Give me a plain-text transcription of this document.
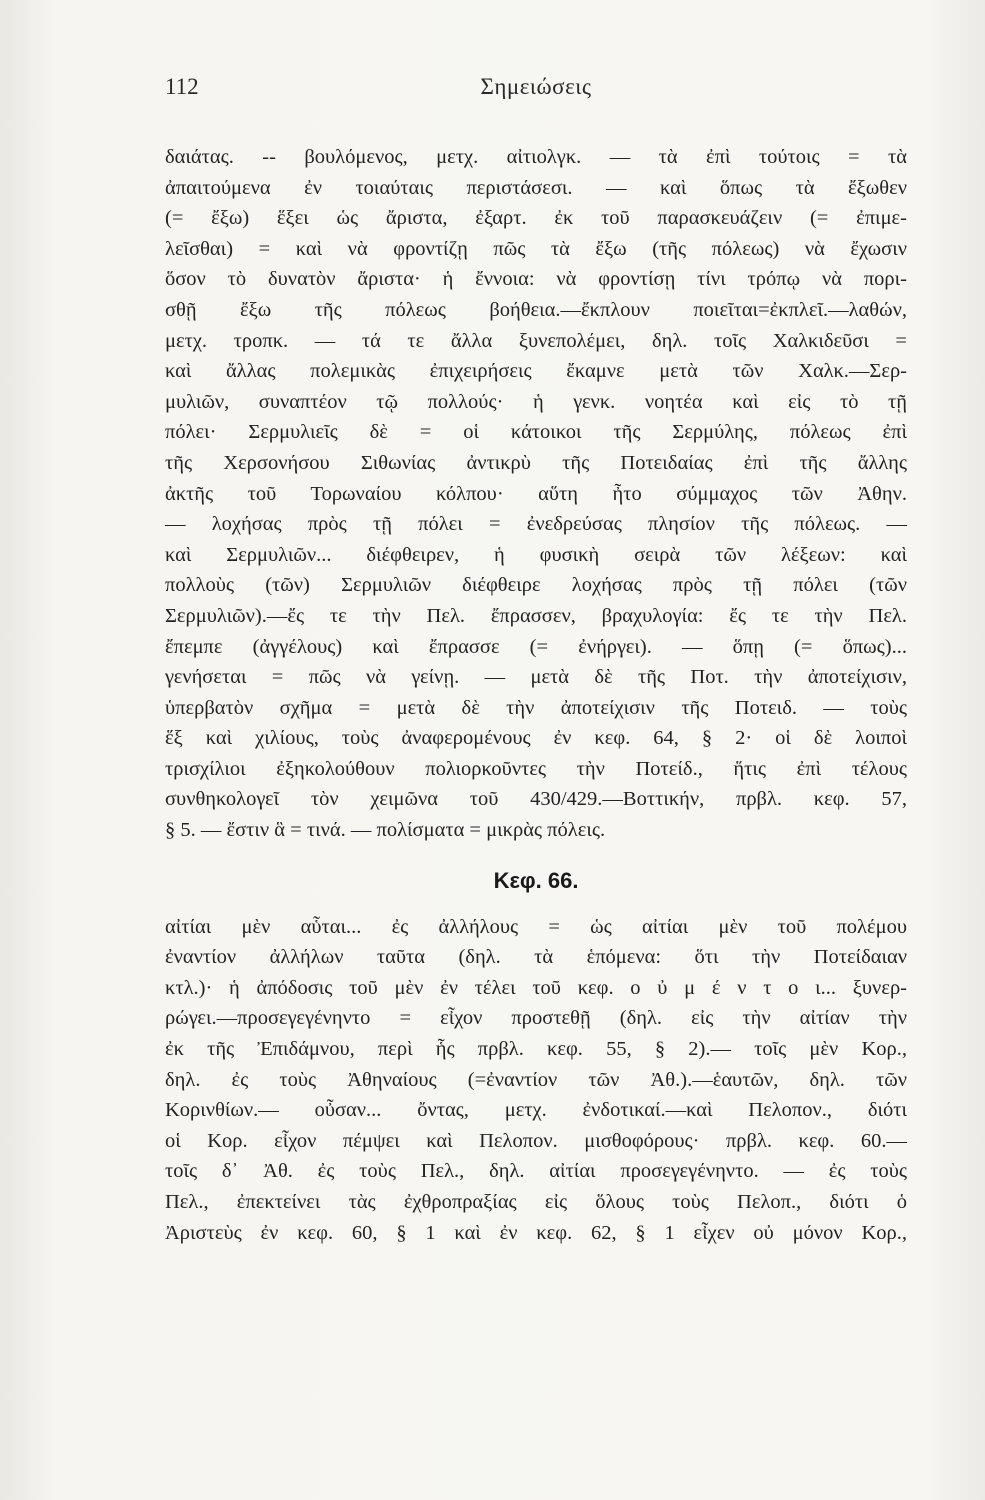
112	Σημειώσεις
δαιάτας. -- βουλόμενος, μετχ. αἰτιολγκ. — τὰ ἐπὶ τούτοις = τὰ
ἀπαιτούμενα ἐν τοιαύταις περιστάσεσι. — καὶ ὅπως τὰ ἔξωθεν
(= ἔξω) ἕξει ὡς ἄριστα, ἐξαρτ. ἐκ τοῦ παρασκευάζειν (= ἐπιμε-
λεῖσθαι) = καὶ νὰ φροντίζῃ πῶς τὰ ἔξω (τῆς πόλεως) νὰ ἔχωσιν
ὅσον τὸ δυνατὸν ἄριστα· ἡ ἔννοια: νὰ φροντίσῃ τίνι τρόπῳ νὰ πορι-
σθῇ ἔξω τῆς πόλεως βοήθεια.—ἔκπλουν ποιεῖται=ἐκπλεῖ.—λαθών,
μετχ. τροπκ. — τά τε ἄλλα ξυνεπολέμει, δηλ. τοῖς Χαλκιδεῦσι =
καὶ ἄλλας πολεμικὰς ἐπιχειρήσεις ἔκαμνε μετὰ τῶν Χαλκ.—Σερ-
μυλιῶν, συναπτέον τῷ πολλούς· ἡ γενκ. νοητέα καὶ εἰς τὸ τῇ
πόλει· Σερμυλιεῖς δὲ = οἱ κάτοικοι τῆς Σερμύλης, πόλεως ἐπὶ
τῆς Χερσονήσου Σιθωνίας ἀντικρὺ τῆς Ποτειδαίας ἐπὶ τῆς ἄλλης
ἀκτῆς τοῦ Τορωναίου κόλπου· αὕτη ἦτο σύμμαχος τῶν Ἀθην.
— λοχήσας πρὸς τῇ πόλει = ἐνεδρεύσας πλησίον τῆς πόλεως. —
καὶ Σερμυλιῶν... διέφθειρεν, ἡ φυσικὴ σειρὰ τῶν λέξεων: καὶ
πολλοὺς (τῶν) Σερμυλιῶν διέφθειρε λοχήσας πρὸς τῇ πόλει (τῶν
Σερμυλιῶν).—ἔς τε τὴν Πελ. ἔπρασσεν, βραχυλογία: ἔς τε τὴν Πελ.
ἔπεμπε (ἀγγέλους) καὶ ἔπρασσε (= ἐνήργει). — ὅπῃ (= ὅπως)...
γενήσεται = πῶς νὰ γείνῃ. — μετὰ δὲ τῆς Ποτ. τὴν ἀποτείχισιν,
ὑπερβατὸν σχῆμα = μετὰ δὲ τὴν ἀποτείχισιν τῆς Ποτειδ. — τοὺς
ἕξ καὶ χιλίους, τοὺς ἀναφερομένους ἐν κεφ. 64, § 2· οἱ δὲ λοιποὶ
τρισχίλιοι ἐξηκολούθουν πολιορκοῦντες τὴν Ποτείδ., ἥτις ἐπὶ τέλους
συνθηκολογεῖ τὸν χειμῶνα τοῦ 430/429.—Βοττικήν, πρβλ. κεφ. 57,
§ 5. — ἔστιν ἃ = τινά. — πολίσματα = μικρὰς πόλεις.
Κεφ. 66.
αἰτίαι μὲν αὗται... ἐς ἀλλήλους = ὡς αἰτίαι μὲν τοῦ πολέμου
ἐναντίον ἀλλήλων ταῦτα (δηλ. τὰ ἑπόμενα: ὅτι τὴν Ποτείδαιαν
κτλ.)· ἡ ἀπόδοσις τοῦ μὲν ἐν τέλει τοῦ κεφ. ο ὐ μ έ ν τ ο ι... ξυνερ-
ρώγει.—προσεγεγένηντο = εἶχον προστεθῇ (δηλ. εἰς τὴν αἰτίαν τὴν
ἐκ τῆς Ἐπιδάμνου, περὶ ἧς πρβλ. κεφ. 55, § 2).— τοῖς μὲν Κορ.,
δηλ. ἐς τοὺς Ἀθηναίους (=ἐναντίον τῶν Ἀθ.).—ἑαυτῶν, δηλ. τῶν
Κορινθίων.— οὖσαν... ὄντας, μετχ. ἐνδοτικαί.—καὶ Πελοπον., διότι
οἱ Κορ. εἶχον πέμψει καὶ Πελοπον. μισθοφόρους· πρβλ. κεφ. 60.—
τοῖς δ᾽ Ἀθ. ἐς τοὺς Πελ., δηλ. αἰτίαι προσεγεγένηντο. — ἐς τοὺς
Πελ., ἐπεκτείνει τὰς ἐχθροπραξίας εἰς ὅλους τοὺς Πελοπ., διότι ὁ
Ἀριστεὺς ἐν κεφ. 60, § 1 καὶ ἐν κεφ. 62, § 1 εἶχεν οὐ μόνον Κορ.,
